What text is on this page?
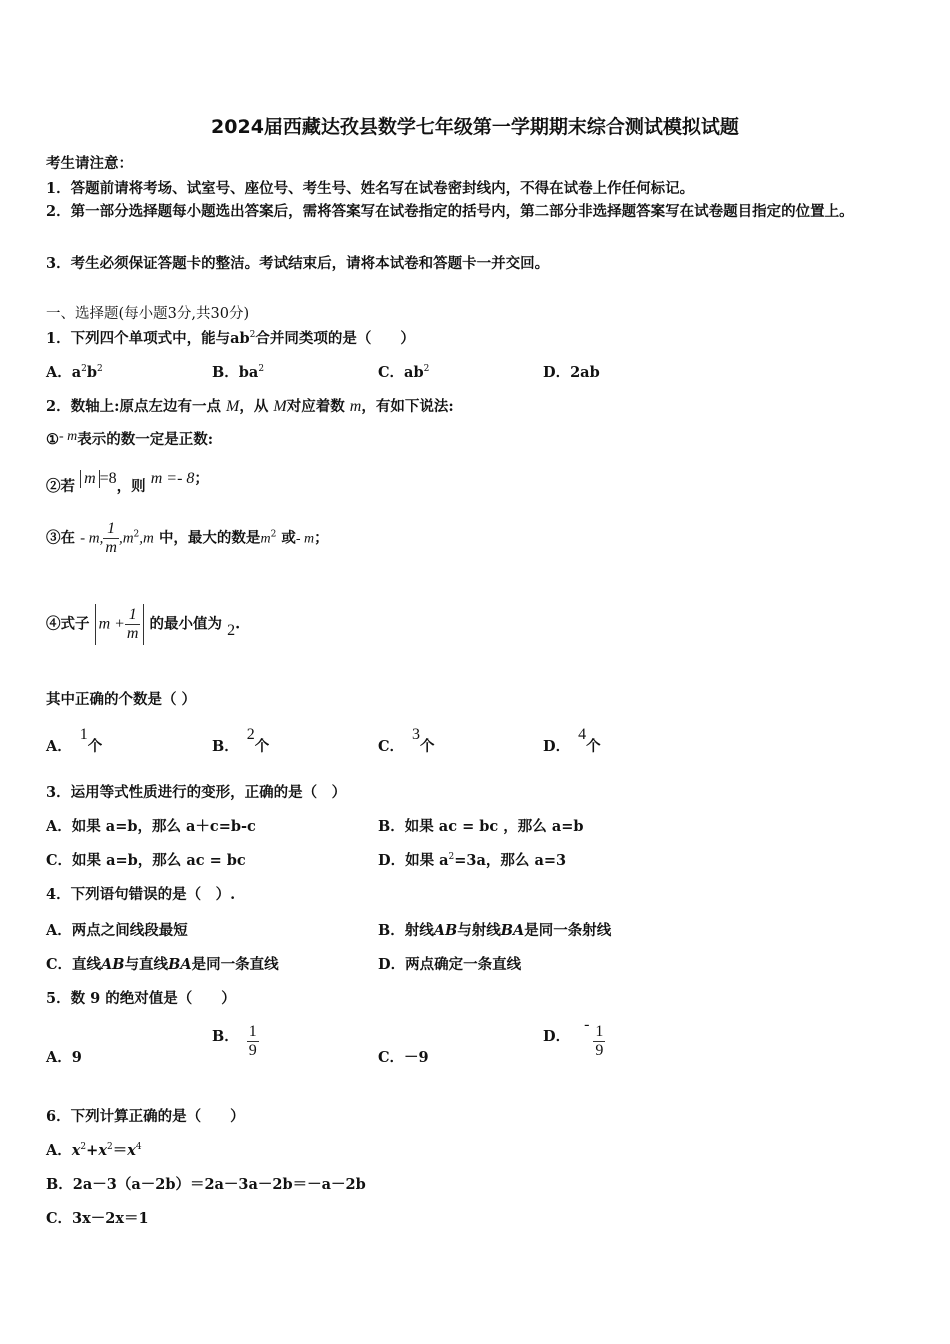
2024届西藏达孜县数学七年级第一学期期末综合测试模拟试题
考生请注意：
1．答题前请将考场、试室号、座位号、考生号、姓名写在试卷密封线内，不得在试卷上作任何标记。
2．第一部分选择题每小题选出答案后，需将答案写在试卷指定的括号内，第二部分非选择题答案写在试卷题目指定的位置上。
3．考生必须保证答题卡的整洁。考试结束后，请将本试卷和答题卡一并交回。
一、选择题(每小题3分,共30分)
1．下列四个单项式中，能与$ab^2$合并同类项的是（　　）
A．$a^2b^2$	B．$ba^2$	C．$ab^2$	D．2ab
2．数轴上:原点左边有一点 M，从 M对应着数 m，有如下说法:
①- m表示的数一定是正数:
②若 m =8，则 m =- 8；
③在 - m, $\frac{1}{m} ,m^2,m$ 中，最大的数是$m^2$ 或- m；
④式子 $m + \frac{1}{m}$ 的最小值为 2.
其中正确的个数是（ ）
A．1个	B．2个	C．3个	D．4个
3．运用等式性质进行的变形，正确的是（　）
A．如果 a=b，那么 a＋c=b-c	B．如果 ac = bc ，那么 a=b
C．如果 a=b，那么 ac = bc	D．如果 $a^2=3a$，那么 a=3
4．下列语句错误的是（　）.
A．两点之间线段最短	B．射线AB与射线BA是同一条射线
C．直线AB与直线BA是同一条直线	D．两点确定一条直线
5．数 9 的绝对值是（　　）
A．9
B． $\frac{1}{9}$	C．－9
D．- $\frac{1}{9}$
6．下列计算正确的是（　　）
A．$x^2+x^2=x^4$
B．2a－3（a－2b）＝2a－3a－2b＝－a－2b
C．3x－2x＝1
